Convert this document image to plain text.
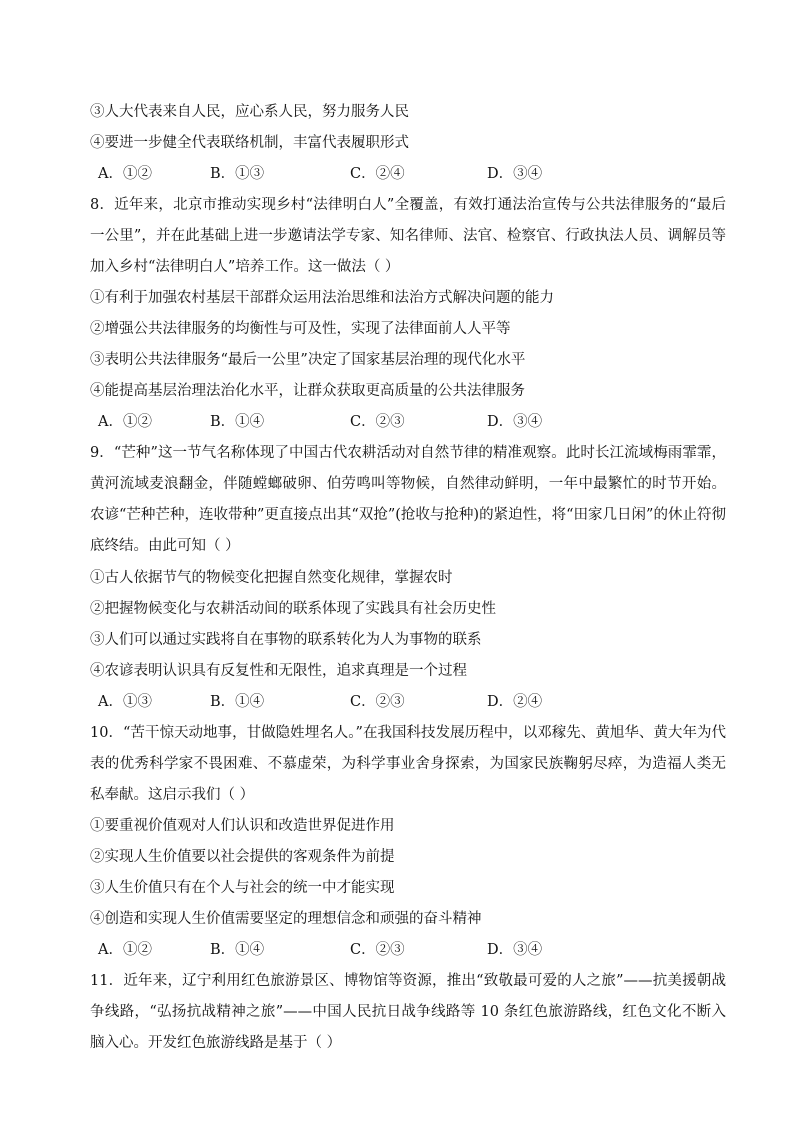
③人大代表来自人民，应心系人民，努力服务人民
④要进一步健全代表联络机制，丰富代表履职形式
A．①②	B．①③	C．②④	D．③④
8．近年来，北京市推动实现乡村“法律明白人”全覆盖，有效打通法治宣传与公共法律服务的“最后一公里”，并在此基础上进一步邀请法学专家、知名律师、法官、检察官、行政执法人员、调解员等加入乡村“法律明白人”培养工作。这一做法（ ）
①有利于加强农村基层干部群众运用法治思维和法治方式解决问题的能力
②增强公共法律服务的均衡性与可及性，实现了法律面前人人平等
③表明公共法律服务“最后一公里”决定了国家基层治理的现代化水平
④能提高基层治理法治化水平，让群众获取更高质量的公共法律服务
A．①②	B．①④	C．②③	D．③④
9．“芒种”这一节气名称体现了中国古代农耕活动对自然节律的精准观察。此时长江流域梅雨霏霏，黄河流域麦浪翻金，伴随螳螂破卵、伯劳鸣叫等物候，自然律动鲜明，一年中最繁忙的时节开始。农谚“芒种芒种，连收带种”更直接点出其“双抢”(抢收与抢种)的紧迫性，将“田家几日闲”的休止符彻底终结。由此可知（ ）
①古人依据节气的物候变化把握自然变化规律，掌握农时
②把握物候变化与农耕活动间的联系体现了实践具有社会历史性
③人们可以通过实践将自在事物的联系转化为人为事物的联系
④农谚表明认识具有反复性和无限性，追求真理是一个过程
A．①③	B．①④	C．②③	D．②④
10．“苦干惊天动地事，甘做隐姓埋名人。”在我国科技发展历程中，以邓稼先、黄旭华、黄大年为代表的优秀科学家不畏困难、不慕虚荣，为科学事业舍身探索，为国家民族鞠躬尽瘁，为造福人类无私奉献。这启示我们（ ）
①要重视价值观对人们认识和改造世界促进作用
②实现人生价值要以社会提供的客观条件为前提
③人生价值只有在个人与社会的统一中才能实现
④创造和实现人生价值需要坚定的理想信念和顽强的奋斗精神
A．①②	B．①④	C．②③	D．③④
11．近年来，辽宁利用红色旅游景区、博物馆等资源，推出“致敬最可爱的人之旅”——抗美援朝战争线路，“弘扬抗战精神之旅”——中国人民抗日战争线路等 10 条红色旅游路线，红色文化不断入脑入心。开发红色旅游线路是基于（ ）
